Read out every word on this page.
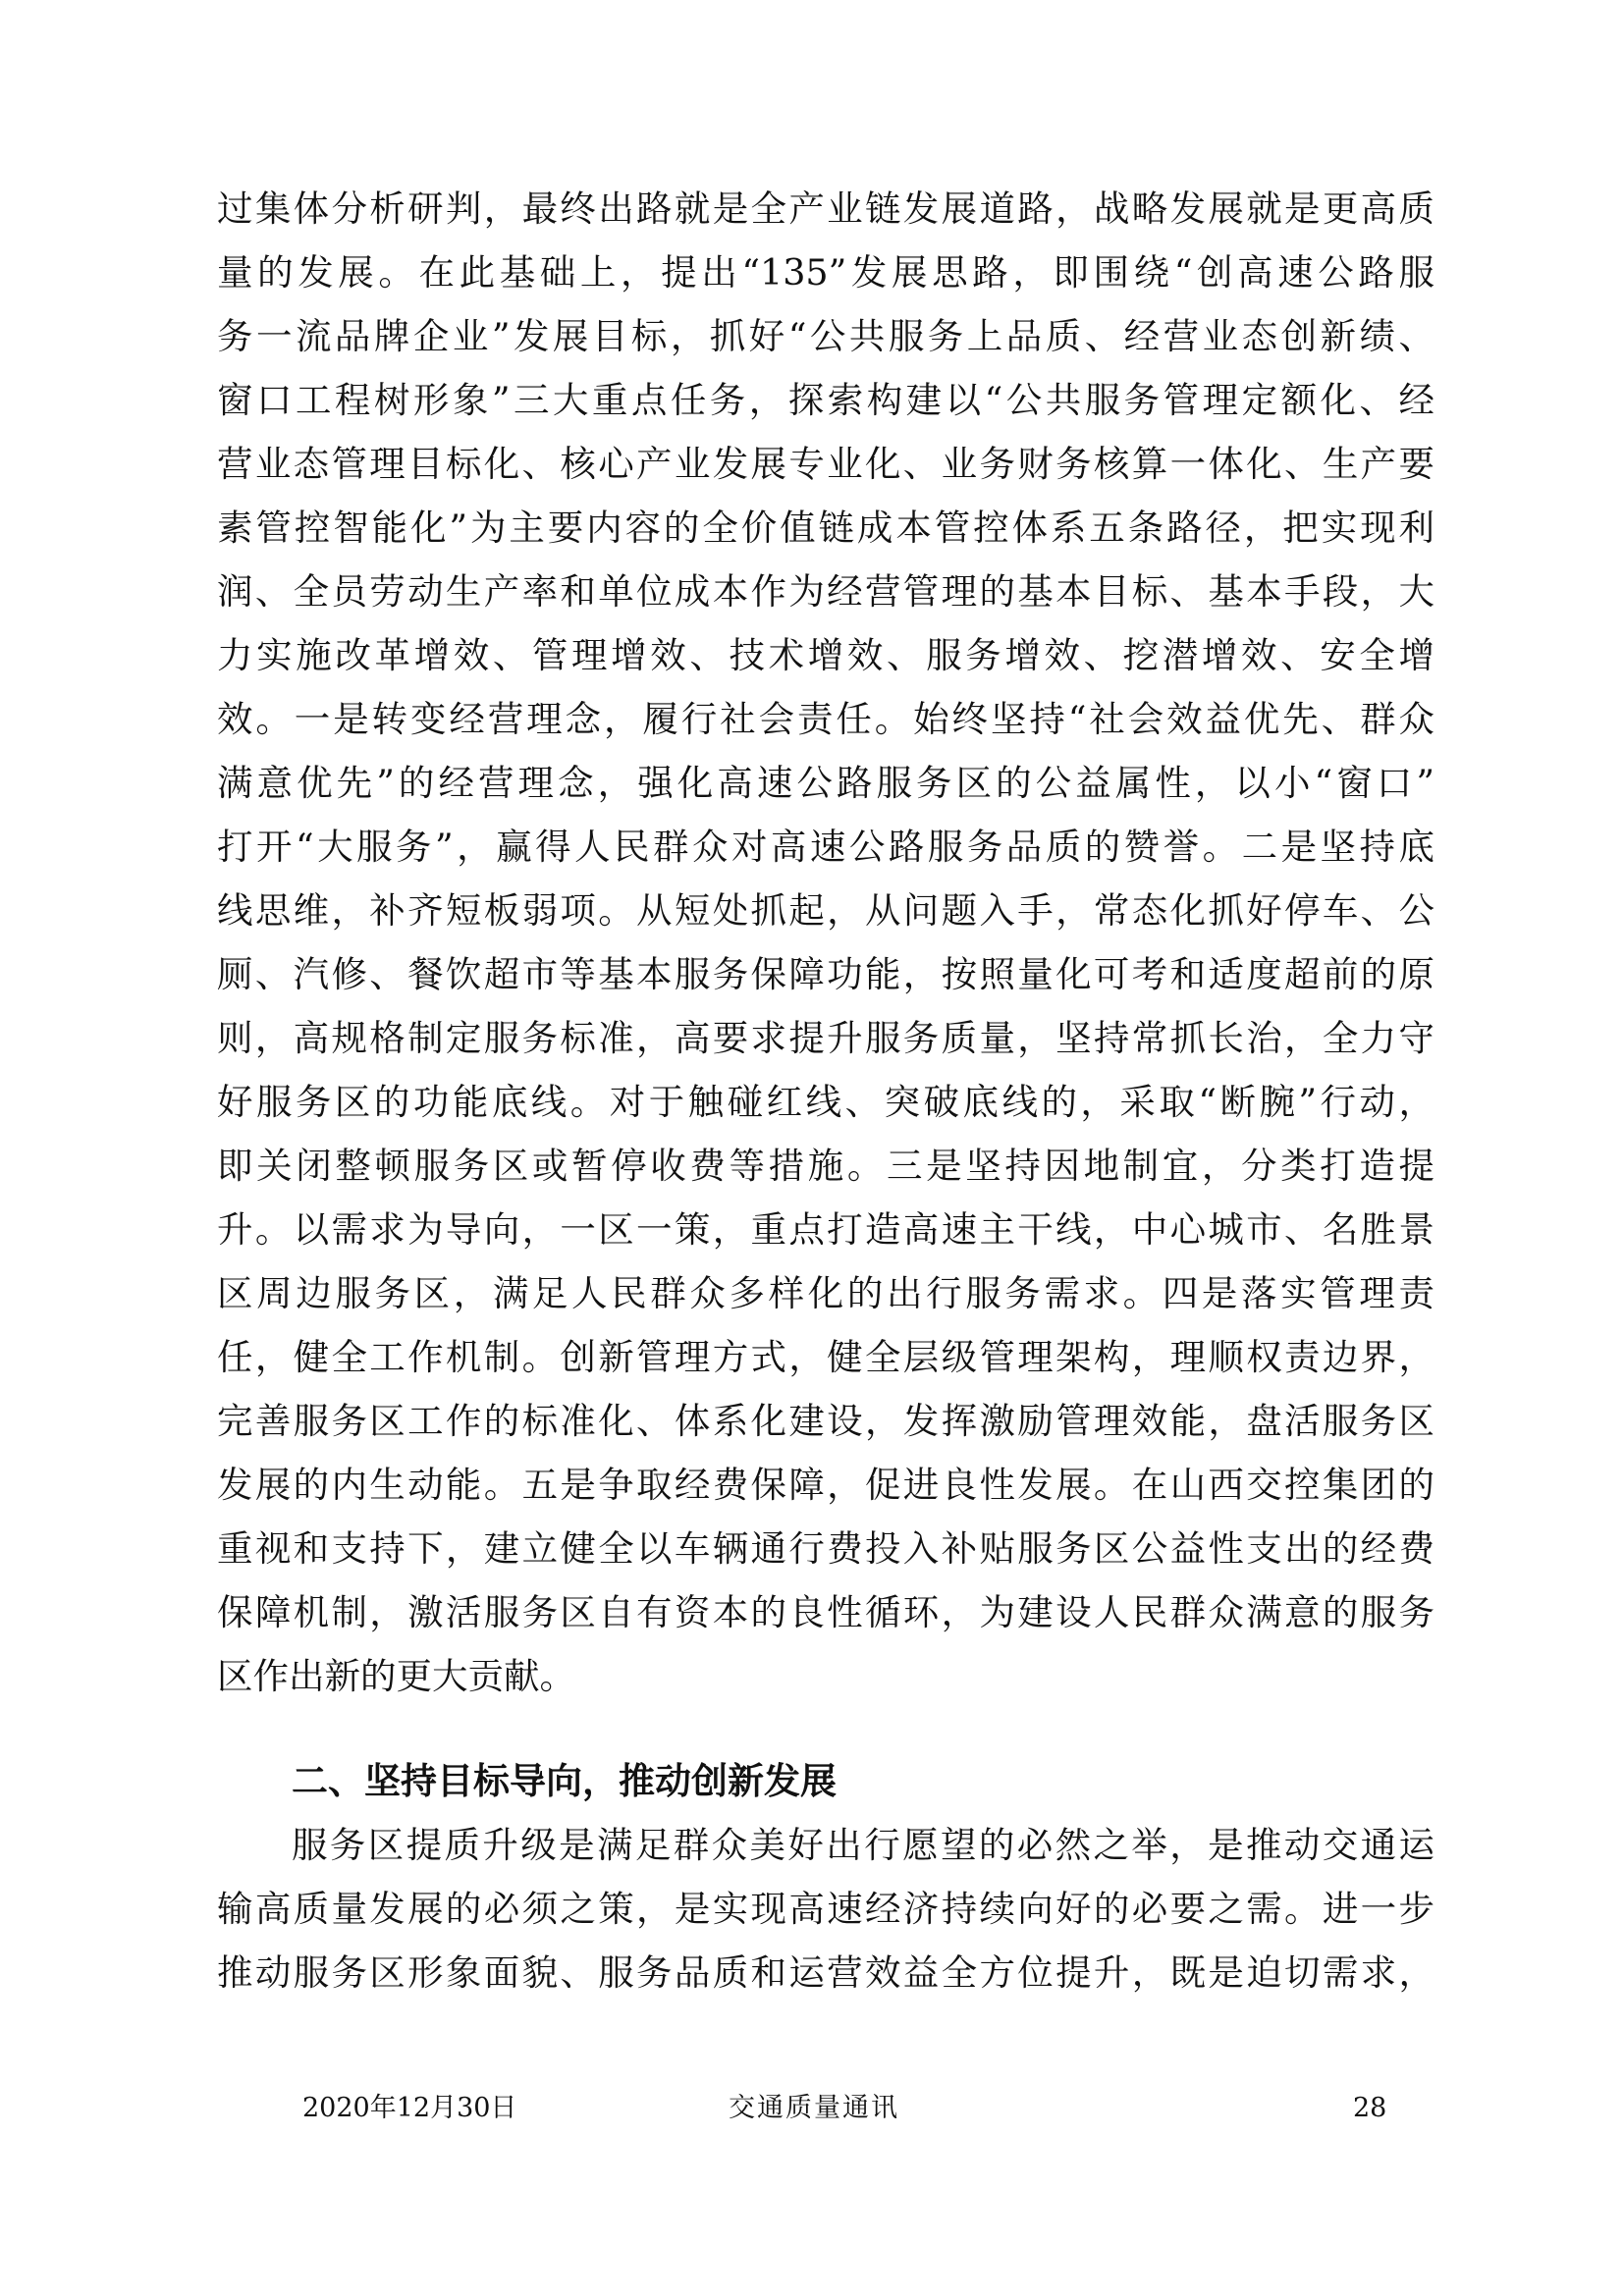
过集体分析研判，最终出路就是全产业链发展道路，战略发展就是更高质
量的发展。在此基础上，提出“135”发展思路，即围绕“创高速公路服
务一流品牌企业”发展目标，抓好“公共服务上品质、经营业态创新绩、
窗口工程树形象”三大重点任务，探索构建以“公共服务管理定额化、经
营业态管理目标化、核心产业发展专业化、业务财务核算一体化、生产要
素管控智能化”为主要内容的全价值链成本管控体系五条路径，把实现利
润、全员劳动生产率和单位成本作为经营管理的基本目标、基本手段，大
力实施改革增效、管理增效、技术增效、服务增效、挖潜增效、安全增
效。一是转变经营理念，履行社会责任。始终坚持“社会效益优先、群众
满意优先”的经营理念，强化高速公路服务区的公益属性，以小“窗口”
打开“大服务”，赢得人民群众对高速公路服务品质的赞誉。二是坚持底
线思维，补齐短板弱项。从短处抓起，从问题入手，常态化抓好停车、公
厕、汽修、餐饮超市等基本服务保障功能，按照量化可考和适度超前的原
则，高规格制定服务标准，高要求提升服务质量，坚持常抓长治，全力守
好服务区的功能底线。对于触碰红线、突破底线的，采取“断腕”行动，
即关闭整顿服务区或暂停收费等措施。三是坚持因地制宜，分类打造提
升。以需求为导向，一区一策，重点打造高速主干线，中心城市、名胜景
区周边服务区，满足人民群众多样化的出行服务需求。四是落实管理责
任，健全工作机制。创新管理方式，健全层级管理架构，理顺权责边界，
完善服务区工作的标准化、体系化建设，发挥激励管理效能，盘活服务区
发展的内生动能。五是争取经费保障，促进良性发展。在山西交控集团的
重视和支持下，建立健全以车辆通行费投入补贴服务区公益性支出的经费
保障机制，激活服务区自有资本的良性循环，为建设人民群众满意的服务
区作出新的更大贡献。
二、坚持目标导向，推动创新发展
服务区提质升级是满足群众美好出行愿望的必然之举，是推动交通运
输高质量发展的必须之策，是实现高速经济持续向好的必要之需。进一步
推动服务区形象面貌、服务品质和运营效益全方位提升，既是迫切需求，
2020年12月30日	交通质量通讯	28
